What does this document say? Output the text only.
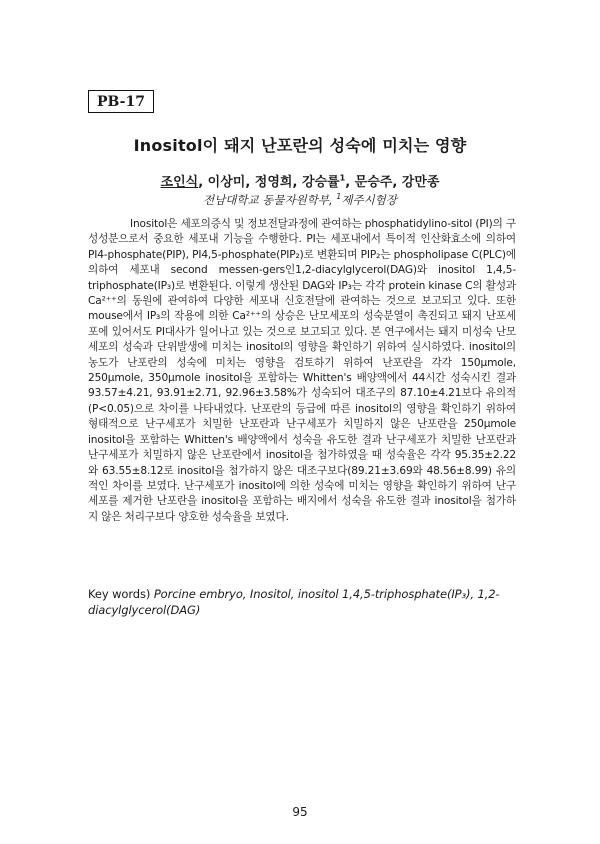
PB-17
Inositol이 돼지 난포란의 성숙에 미치는 영향
조인식, 이상미, 정영희, 강승률$^1$, 문승주, 강만종
전남대학교 동물자원학부, $^1$제주시험장

Inositol은 세포의증식 및 정보전달과정에 관여하는 phosphatidylino-sitol (PI)의 구성성분으로서 중요한 세포내 기능을 수행한다. PI는 세포내에서 특이적 인산화효소에 의하여 PI4-phosphate(PIP), PI4,5-phosphate(PIP₂)로 변환되며 PIP₂는 phospholipase C(PLC)에 의하여 세포내 second messen-gers인1,2-diacylglycerol(DAG)와 inositol 1,4,5-triphosphate(IP₃)로 변환된다. 이렇게 생산된 DAG와 IP₃는 각각 protein kinase C의 활성과 Ca²⁺⁺의 동원에 관여하여 다양한 세포내 신호전달에 관여하는 것으로 보고되고 있다. 또한 mouse에서 IP₃의 작용에 의한 Ca²⁺⁺의 상승은 난모세포의 성숙분열이 촉진되고 돼지 난포세포에 있어서도 PI대사가 일어나고 있는 것으로 보고되고 있다. 본 연구에서는 돼지 미성숙 난모세포의 성숙과 단위발생에 미치는 inositol의 영향을 확인하기 위하여 실시하였다. inositol의 농도가 난포란의 성숙에 미치는 영향을 검토하기 위하여 난포란을 각각 150μmole, 250μmole, 350μmole inositol을 포함하는 Whitten's 배양액에서 44시간 성숙시킨 결과 93.57±4.21, 93.91±2.71, 92.96±3.58%가 성숙되어 대조구의 87.10±4.21보다 유의적(P<0.05)으로 차이를 나타내었다. 난포란의 등급에 따른 inositol의 영향을 확인하기 위하여 형태적으로 난구세포가 치밀한 난포란과 난구세포가 치밀하지 않은 난포란을 250μmole inositol을 포함하는 Whitten's 배양액에서 성숙을 유도한 결과 난구세포가 치밀한 난포란과 난구세포가 치밀하지 않은 난포란에서 inositol을 첨가하였을 때 성숙율은 각각 95.35±2.22와 63.55±8.12로 inositol을 첨가하지 않은 대조구보다(89.21±3.69와 48.56±8.99) 유의적인 차이를 보였다. 난구세포가 inositol에 의한 성숙에 미치는 영향을 확인하기 위하여 난구세포를 제거한 난포란을 inositol을 포함하는 배지에서 성숙을 유도한 결과 inositol을 첨가하지 않은 처리구보다 양호한 성숙율을 보였다.

Key words) Porcine embryo, Inositol, inositol 1,4,5-triphosphate(IP₃), 1,2-diacylglycerol(DAG)
95
